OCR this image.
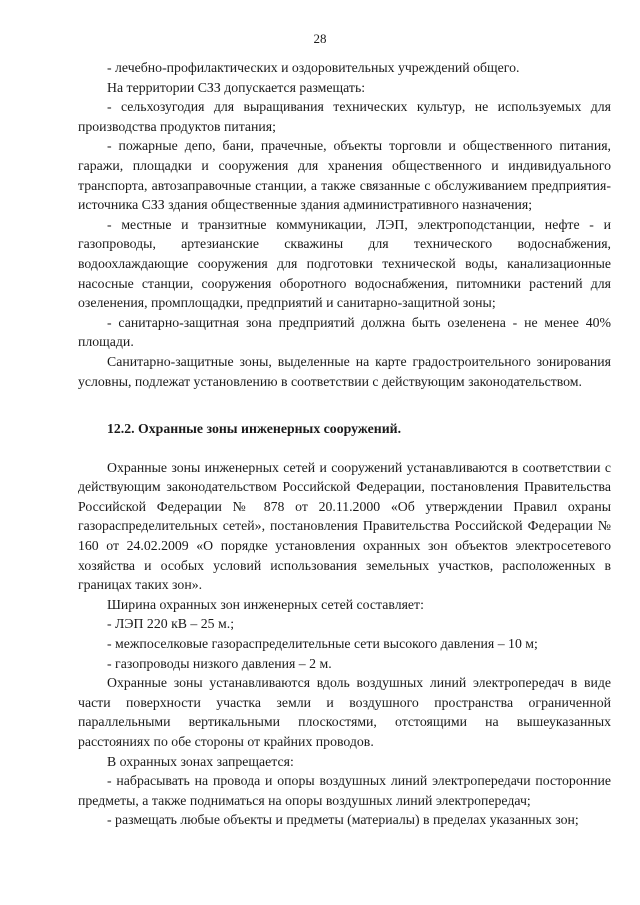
28

- лечебно-профилактических и оздоровительных учреждений общего.

На территории СЗЗ допускается размещать:

- сельхозугодия для выращивания технических культур, не используемых для производства продуктов питания;

- пожарные депо, бани, прачечные, объекты торговли и общественного питания, гаражи, площадки и сооружения для хранения общественного и индивидуального транспорта, автозаправочные станции, а также связанные с обслуживанием предприятия-источника СЗЗ здания общественные здания административного назначения;

- местные и транзитные коммуникации, ЛЭП, электроподстанции, нефте - и газопроводы, артезианские скважины для технического водоснабжения, водоохлаждающие сооружения для подготовки технической воды, канализационные насосные станции, сооружения оборотного водоснабжения, питомники растений для озеленения, промплощадки, предприятий и санитарно-защитной зоны;

- санитарно-защитная зона предприятий должна быть озеленена - не менее 40% площади.

Санитарно-защитные зоны, выделенные на карте градостроительного зонирования условны, подлежат установлению в соответствии с действующим законодательством.

12.2. Охранные зоны инженерных сооружений.

Охранные зоны инженерных сетей и сооружений устанавливаются в соответствии с действующим законодательством Российской Федерации, постановления Правительства Российской Федерации № 878 от 20.11.2000 «Об утверждении Правил охраны газораспределительных сетей», постановления Правительства Российской Федерации № 160 от 24.02.2009 «О порядке установления охранных зон объектов электросетевого хозяйства и особых условий использования земельных участков, расположенных в границах таких зон».

Ширина охранных зон инженерных сетей составляет:

- ЛЭП 220 кВ – 25 м.;

- межпоселковые газораспределительные сети высокого давления – 10 м;

- газопроводы низкого давления – 2 м.

Охранные зоны устанавливаются вдоль воздушных линий электропередач в виде части поверхности участка земли и воздушного пространства ограниченной параллельными вертикальными плоскостями, отстоящими на вышеуказанных расстояниях по обе стороны от крайних проводов.

В охранных зонах запрещается:

- набрасывать на провода и опоры воздушных линий электропередачи посторонние предметы, а также подниматься на опоры воздушных линий электропередач;

- размещать любые объекты и предметы (материалы) в пределах указанных зон;
